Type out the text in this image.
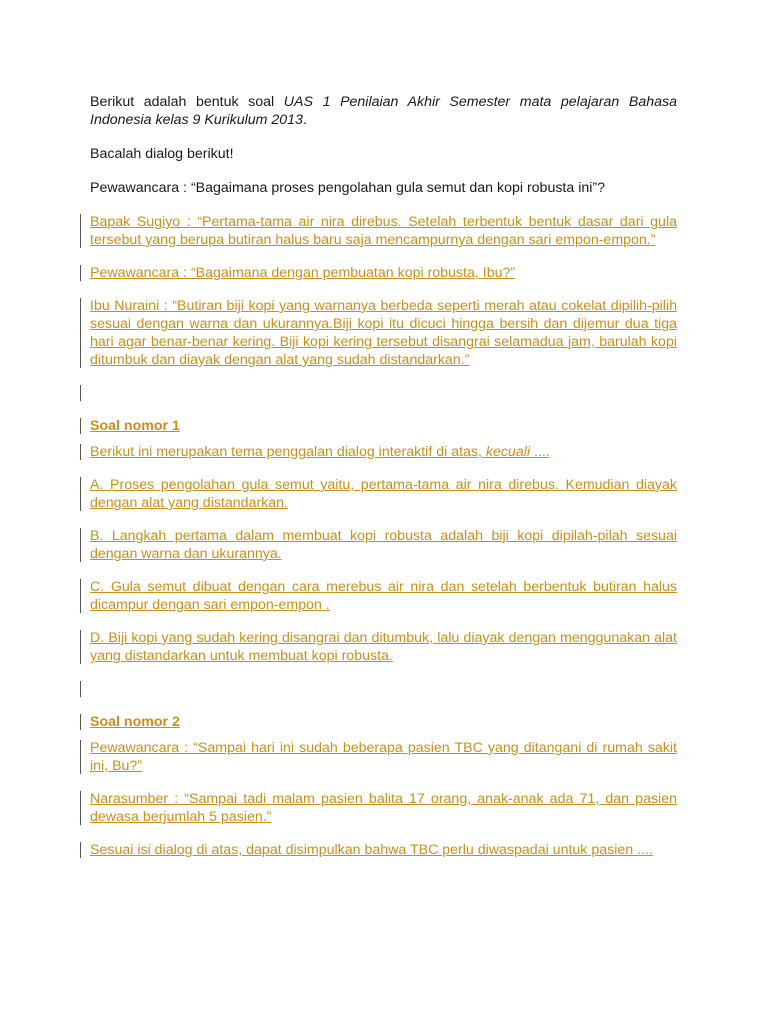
Berikut adalah bentuk soal UAS 1 Penilaian Akhir Semester mata pelajaran Bahasa Indonesia kelas 9 Kurikulum 2013.

Bacalah dialog berikut!

Pewawancara : “Bagaimana proses pengolahan gula semut dan kopi robusta ini”?

Bapak Sugiyo : “Pertama-tama air nira direbus. Setelah terbentuk bentuk dasar dari gula tersebut yang berupa butiran halus baru saja mencampurnya dengan sari empon-empon.”

Pewawancara : “Bagaimana dengan pembuatan kopi robusta, Ibu?”

Ibu Nuraini : “Butiran biji kopi yang warnanya berbeda seperti merah atau cokelat dipilih-pilih sesuai dengan warna dan ukurannya.Biji kopi itu dicuci hingga bersih dan dijemur dua tiga hari agar benar-benar kering. Biji kopi kering tersebut disangrai selamadua jam, barulah kopi ditumbuk dan diayak dengan alat yang sudah distandarkan.”

Soal nomor 1

Berikut ini merupakan tema penggalan dialog interaktif di atas, kecuali ....

A. Proses pengolahan gula semut yaitu, pertama-tama air nira direbus. Kemudian diayak dengan alat yang distandarkan.

B. Langkah pertama dalam membuat kopi robusta adalah biji kopi dipilah-pilah sesuai dengan warna dan ukurannya.

C. Gula semut dibuat dengan cara merebus air nira dan setelah berbentuk butiran halus dicampur dengan sari empon-empon .

D. Biji kopi yang sudah kering disangrai dan ditumbuk, lalu diayak dengan menggunakan alat yang distandarkan untuk membuat kopi robusta.

Soal nomor 2

Pewawancara : “Sampai hari ini sudah beberapa pasien TBC yang ditangani di rumah sakit ini, Bu?”

Narasumber : “Sampai tadi malam pasien balita 17 orang, anak-anak ada 71, dan pasien dewasa berjumlah 5 pasien.”

Sesuai isi dialog di atas, dapat disimpulkan bahwa TBC perlu diwaspadai untuk pasien ....
